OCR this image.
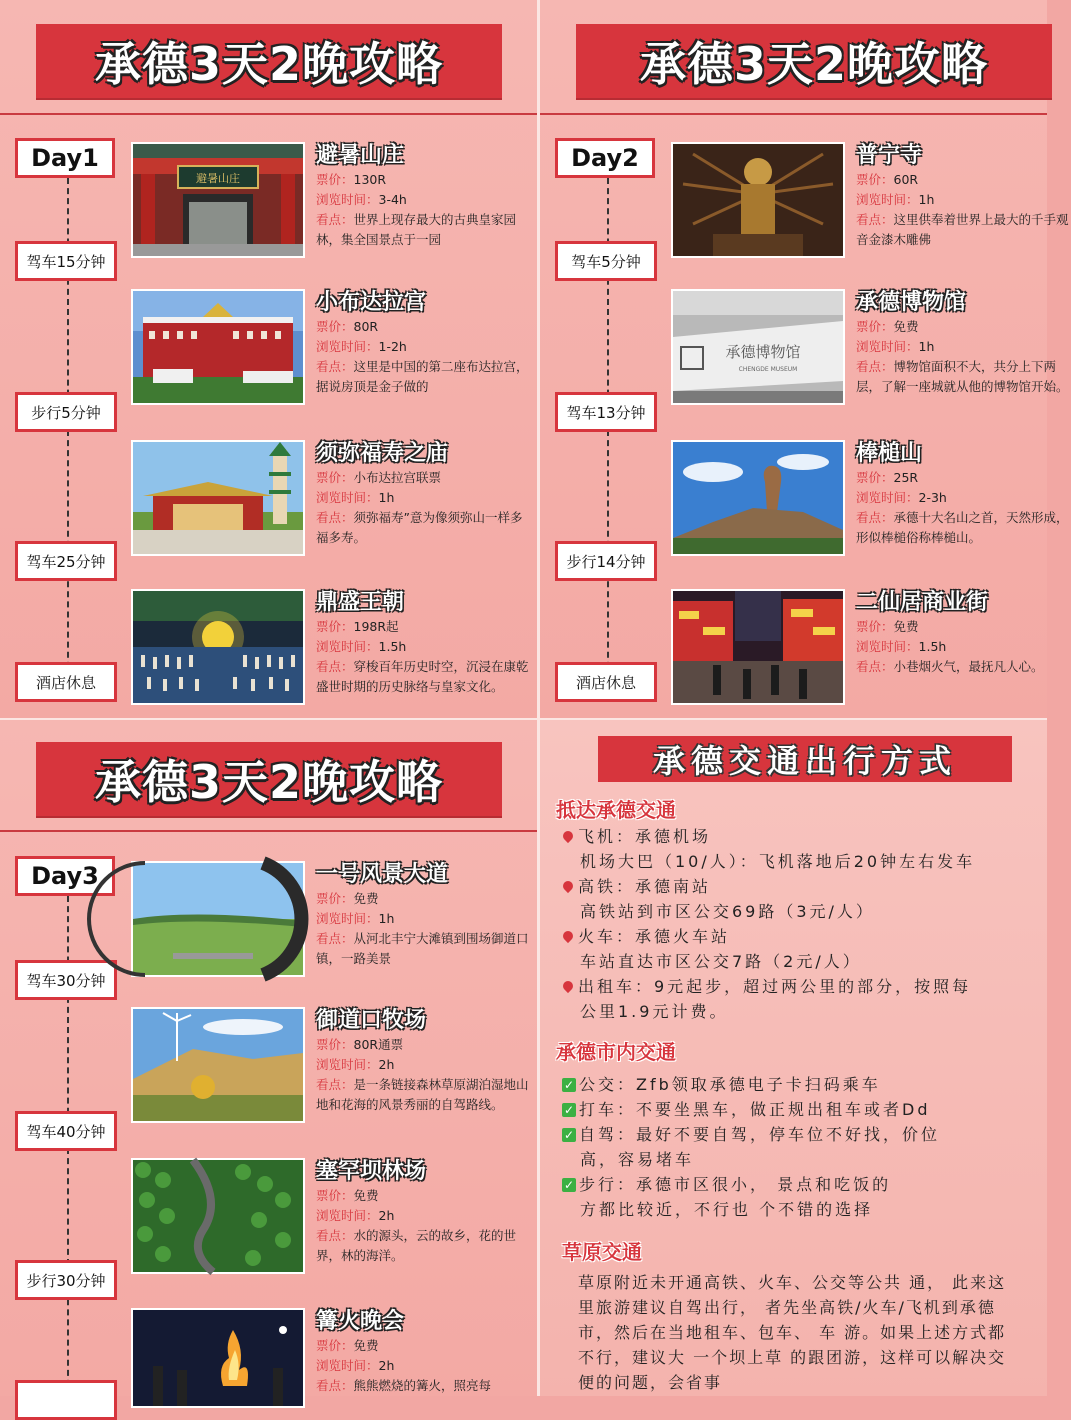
承德3天2晚攻略
Day1
驾车15分钟
步行5分钟
驾车25分钟
酒店休息
避暑山庄
避暑山庄
票价：130R
浏览时间：3-4h
看点：世界上现存最大的古典皇家园林，集全国景点于一园
小布达拉宫
票价：80R
浏览时间：1-2h
看点：这里是中国的第二座布达拉宫，据说房顶是金子做的
须弥福寿之庙
票价：小布达拉宫联票
浏览时间：1h
看点：须弥福寿”意为像须弥山一样多福多寿。
鼎盛王朝
票价：198R起
浏览时间：1.5h
看点：穿梭百年历史时空，沉浸在康乾盛世时期的历史脉络与皇家文化。
承德3天2晚攻略
Day2
驾车5分钟
驾车13分钟
步行14分钟
酒店休息
普宁寺
票价：60R
浏览时间：1h
看点：这里供奉着世界上最大的千手观音金漆木雕佛
承德博物馆
CHENGDE MUSEUM
承德博物馆
票价：免费
浏览时间：1h
看点：博物馆面积不大，共分上下两层，了解一座城就从他的博物馆开始。
棒槌山
票价：25R
浏览时间：2-3h
看点：承德十大名山之首，天然形成，形似棒槌俗称棒槌山。
二仙居商业街
票价：免费
浏览时间：1.5h
看点：小巷烟火气，最抚凡人心。
承德3天2晚攻略
Day3
驾车30分钟
驾车40分钟
步行30分钟
一号风景大道
票价：免费
浏览时间：1h
看点：从河北丰宁大滩镇到围场御道口镇，一路美景
御道口牧场
票价：80R通票
浏览时间：2h
看点：是一条链接森林草原湖泊湿地山地和花海的风景秀丽的自驾路线。
塞罕坝林场
票价：免费
浏览时间：2h
看点：水的源头，云的故乡，花的世界，林的海洋。
篝火晚会
票价：免费
浏览时间：2h
看点：熊熊燃烧的篝火，照亮每
承德交通出行方式
抵达承德交通
飞机：承德机场
机场大巴（10/人）：飞机落地后20钟左右发车
高铁：承德南站
高铁站到市区公交69路（3元/人）
火车：承德火车站
车站直达市区公交7路（2元/人）
出租车：9元起步，超过两公里的部分，按照每
公里1.9元计费。
承德市内交通
✓ 公交：Zfb领取承德电子卡扫码乘车
✓ 打车：不要坐黑车，做正规出租车或者Dd
✓ 自驾：最好不要自驾，停车位不好找，价位
高，容易堵车
✓ 步行：承德市区很小， 景点和吃饭的
方都比较近，不行也 个不错的选择
草原交通
草原附近未开通高铁、火车、公交等公共 通， 此来这里旅游建议自驾出行， 者先坐高铁/火车/飞机到承德市，然后在当地租车、包车、 车 游。如果上述方式都不行，建议大 一个坝上草 的跟团游，这样可以解决交 便的问题，会省事
